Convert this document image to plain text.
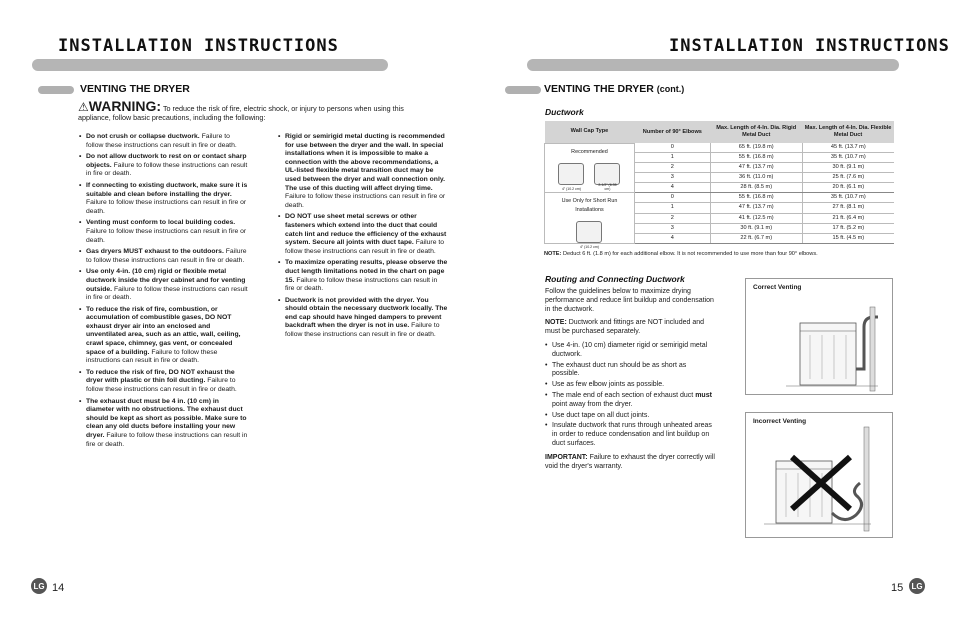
INSTALLATION INSTRUCTIONS
VENTING THE DRYER
⚠WARNING: To reduce the risk of fire, electric shock, or injury to persons when using this
appliance, follow basic precautions, including the following:
• Do not crush or collapse ductwork. Failure to follow these instructions can result in fire or death.
• Do not allow ductwork to rest on or contact sharp objects. Failure to follow these instructions can result in fire or death.
• If connecting to existing ductwork, make sure it is suitable and clean before installing the dryer. Failure to follow these instructions can result in fire or death.
• Venting must conform to local building codes. Failure to follow these instructions can result in fire or death.
• Gas dryers MUST exhaust to the outdoors. Failure to follow these instructions can result in fire or death.
• Use only 4-in. (10 cm) rigid or flexible metal ductwork inside the dryer cabinet and for venting outside. Failure to follow these instructions can result in fire or death.
• To reduce the risk of fire, combustion, or accumulation of combustible gases, DO NOT exhaust dryer air into an enclosed and unventilated area, such as an attic, wall, ceiling, crawl space, chimney, gas vent, or concealed space of a building. Failure to follow these instructions can result in fire or death.
• To reduce the risk of fire, DO NOT exhaust the dryer with plastic or thin foil ducting. Failure to follow these instructions can result in fire or death.
• The exhaust duct must be 4 in. (10 cm) in diameter with no obstructions. The exhaust duct should be kept as short as possible. Make sure to clean any old ducts before installing your new dryer. Failure to follow these instructions can result in fire or death.
• Rigid or semirigid metal ducting is recommended for use between the dryer and the wall. In special installations when it is impossible to make a connection with the above recommendations, a UL-listed flexible metal transition duct may be used between the dryer and wall connection only. The use of this ducting will affect drying time. Failure to follow these instructions can result in fire or death.
• DO NOT use sheet metal screws or other fasteners which extend into the duct that could catch lint and reduce the efficiency of the exhaust system. Secure all joints with duct tape. Failure to follow these instructions can result in fire or death.
• To maximize operating results, please observe the duct length limitations noted in the chart on page 15. Failure to follow these instructions can result in fire or death.
• Ductwork is not provided with the dryer. You should obtain the necessary ductwork locally. The end cap should have hinged dampers to prevent backdraft when the dryer is not in use. Failure to follow these instructions can result in fire or death.
LG 14
INSTALLATION INSTRUCTIONS
VENTING THE DRYER (cont.)
Ductwork
Wall Cap Type	Number of 90° Elbows	Max. Length of 4-In. Dia. Rigid Metal Duct	Max. Length of 4-In. Dia. Flexible Metal Duct

Recommended
4" (10.2 cm)
2-1/2" (6.35 cm)	0	65 ft. (19.8 m)	45 ft. (13.7 m)
	1	55 ft. (16.8 m)	35 ft. (10.7 m)
	2	47 ft. (13.7 m)	30 ft. (9.1 m)
	3	36 ft. (11.0 m)	25 ft. (7.6 m)
	4	28 ft. (8.5 m)	20 ft. (6.1 m)

Use Only for Short Run Installations
4" (10.2 cm)	0	55 ft. (16.8 m)	35 ft. (10.7 m)
	1	47 ft. (13.7 m)	27 ft. (8.1 m)
	2	41 ft. (12.5 m)	21 ft. (6.4 m)
	3	30 ft. (9.1 m)	17 ft. (5.2 m)
	4	22 ft. (6.7 m)	15 ft. (4.5 m)
NOTE: Deduct 6 ft. (1.8 m) for each additional elbow. It is not recommended to use more than four 90° elbows.
Routing and Connecting Ductwork

Follow the guidelines below to maximize drying performance and reduce lint buildup and condensation in the ductwork.

NOTE: Ductwork and fittings are NOT included and must be purchased separately.

• Use 4-in. (10 cm) diameter rigid or semirigid metal ductwork.
• The exhaust duct run should be as short as possible.
• Use as few elbow joints as possible.
• The male end of each section of exhaust duct must point away from the dryer.
• Use duct tape on all duct joints.
• Insulate ductwork that runs through unheated areas in order to reduce condensation and lint buildup on duct surfaces.

IMPORTANT: Failure to exhaust the dryer correctly will void the dryer's warranty.

Correct Venting
Incorrect Venting
15	LG
